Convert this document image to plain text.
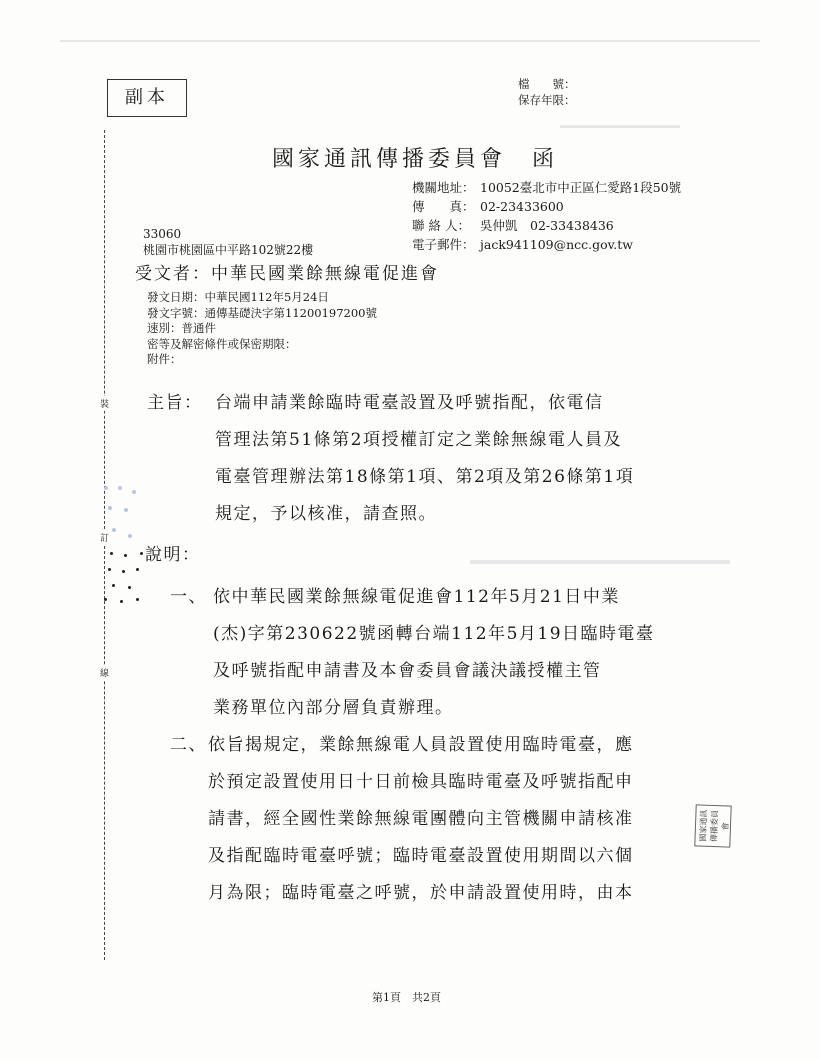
副本
檔　　號：
保存年限：
國家通訊傳播委員會 函
機關地址： 10052臺北市中正區仁愛路1段50號
傳　　真： 02-23433600
聯 絡 人： 吳仲凱　02-33438436
電子郵件： jack941109@ncc.gov.tw
33060
桃園市桃園區中平路102號22樓
受文者：中華民國業餘無線電促進會
發文日期：中華民國112年5月24日
發文字號：通傳基礎決字第11200197200號
速別：普通件
密等及解密條件或保密期限：
附件：
裝
訂
線
主旨： 台端申請業餘臨時電臺設置及呼號指配，依電信
管理法第51條第2項授權訂定之業餘無線電人員及
電臺管理辦法第18條第1項、第2項及第26條第1項
規定，予以核准，請查照。
說明：
一、 依中華民國業餘無線電促進會112年5月21日中業
(杰)字第230622號函轉台端112年5月19日臨時電臺
及呼號指配申請書及本會委員會議決議授權主管
業務單位內部分層負責辦理。
二、 依旨揭規定，業餘無線電人員設置使用臨時電臺，應
於預定設置使用日十日前檢具臨時電臺及呼號指配申
請書，經全國性業餘無線電團體向主管機關申請核准
及指配臨時電臺呼號；臨時電臺設置使用期間以六個
月為限；臨時電臺之呼號，於申請設置使用時，由本
國家通訊傳播委員會
第1頁　共2頁
